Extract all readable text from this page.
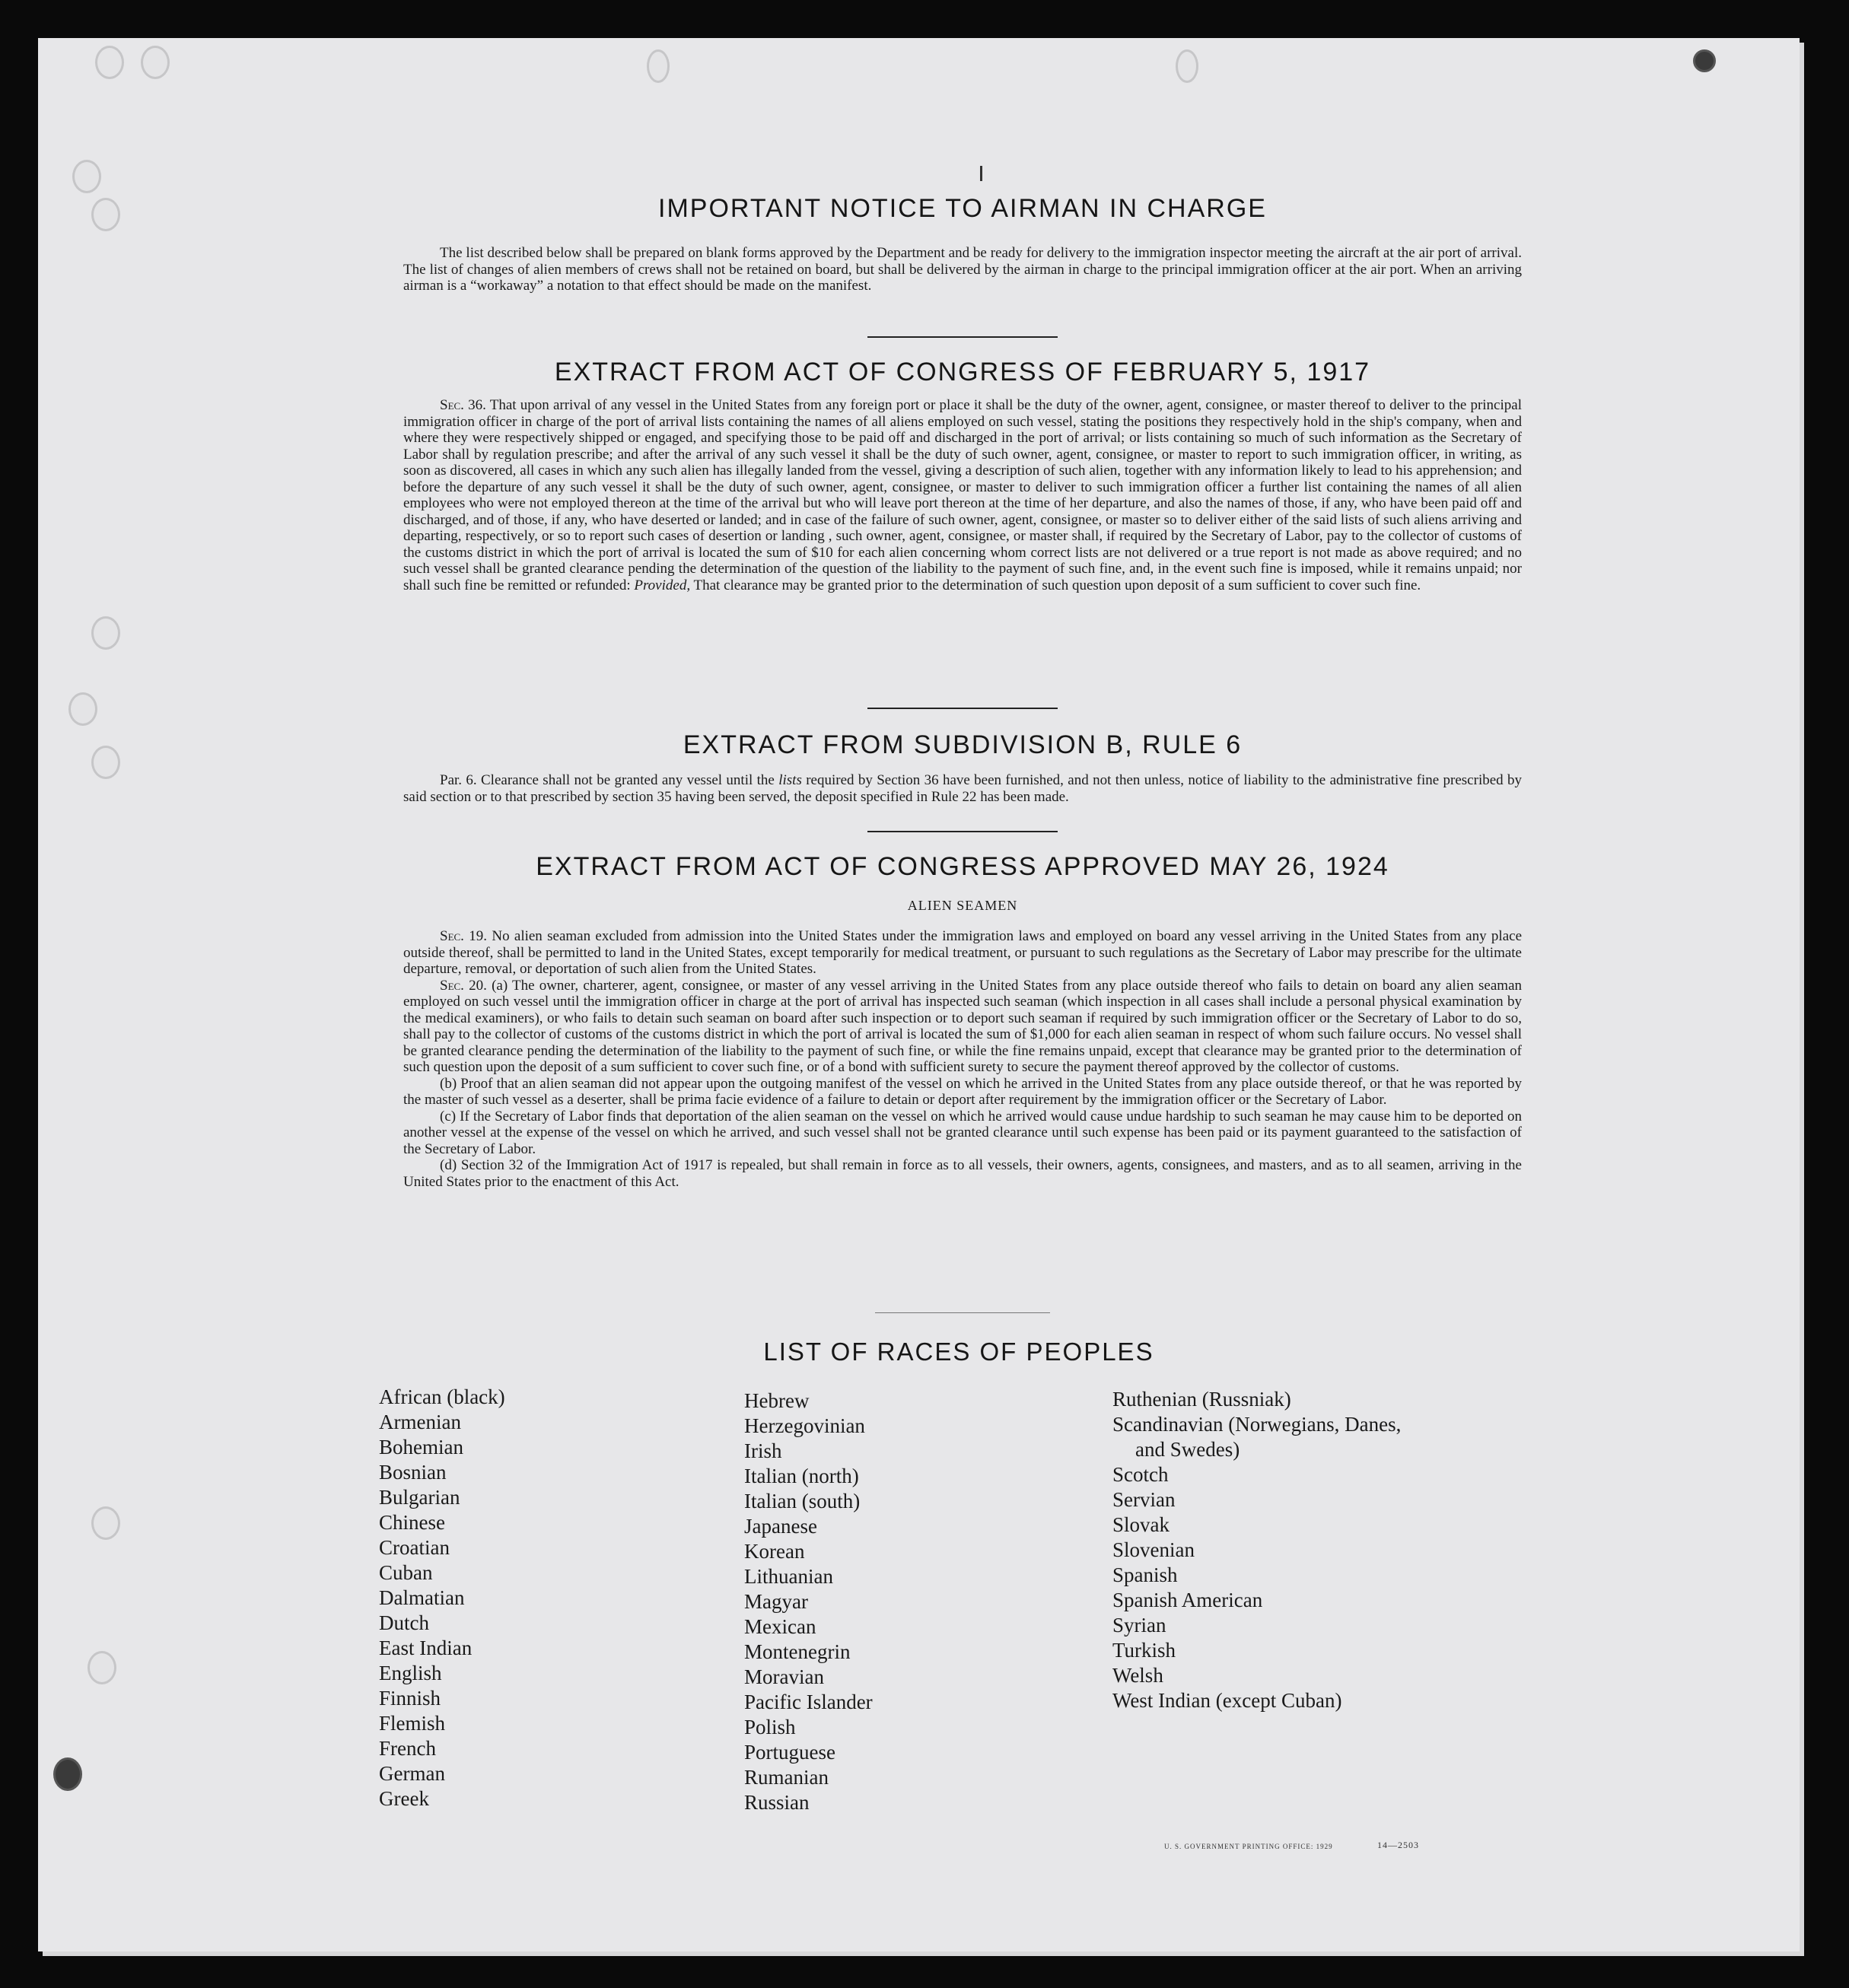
IMPORTANT NOTICE TO AIRMAN IN CHARGE

The list described below shall be prepared on blank forms approved by the Department and be ready for delivery to the immigration inspector meeting the aircraft at the air port of arrival. The list of changes of alien members of crews shall not be retained on board, but shall be delivered by the airman in charge to the principal immigration officer at the air port. When an arriving airman is a “workaway” a notation to that effect should be made on the manifest.

EXTRACT FROM ACT OF CONGRESS OF FEBRUARY 5, 1917

Sec. 36. That upon arrival of any vessel in the United States from any foreign port or place it shall be the duty of the owner, agent, consignee, or master thereof to deliver to the principal immigration officer in charge of the port of arrival lists containing the names of all aliens employed on such vessel, stating the positions they respectively hold in the ship's company, when and where they were respectively shipped or engaged, and specifying those to be paid off and discharged in the port of arrival; or lists containing so much of such information as the Secretary of Labor shall by regulation prescribe; and after the arrival of any such vessel it shall be the duty of such owner, agent, consignee, or master to report to such immigration officer, in writing, as soon as discovered, all cases in which any such alien has illegally landed from the vessel, giving a description of such alien, together with any information likely to lead to his apprehension; and before the departure of any such vessel it shall be the duty of such owner, agent, consignee, or master to deliver to such immigration officer a further list containing the names of all alien employees who were not employed thereon at the time of the arrival but who will leave port thereon at the time of her departure, and also the names of those, if any, who have been paid off and discharged, and of those, if any, who have deserted or landed; and in case of the failure of such owner, agent, consignee, or master so to deliver either of the said lists of such aliens arriving and departing, respectively, or so to report such cases of desertion or landing , such owner, agent, consignee, or master shall, if required by the Secretary of Labor, pay to the collector of customs of the customs district in which the port of arrival is located the sum of $10 for each alien concerning whom correct lists are not delivered or a true report is not made as above required; and no such vessel shall be granted clearance pending the determination of the question of the liability to the payment of such fine, and, in the event such fine is imposed, while it remains unpaid; nor shall such fine be remitted or refunded: Provided, That clearance may be granted prior to the determination of such question upon deposit of a sum sufficient to cover such fine.

EXTRACT FROM SUBDIVISION B, RULE 6

Par. 6. Clearance shall not be granted any vessel until the lists required by Section 36 have been furnished, and not then unless, notice of liability to the administrative fine prescribed by said section or to that prescribed by section 35 having been served, the deposit specified in Rule 22 has been made.

EXTRACT FROM ACT OF CONGRESS APPROVED MAY 26, 1924
ALIEN SEAMEN

Sec. 19. No alien seaman excluded from admission into the United States under the immigration laws and employed on board any vessel arriving in the United States from any place outside thereof, shall be permitted to land in the United States, except temporarily for medical treatment, or pursuant to such regulations as the Secretary of Labor may prescribe for the ultimate departure, removal, or deportation of such alien from the United States.

Sec. 20. (a) The owner, charterer, agent, consignee, or master of any vessel arriving in the United States from any place outside thereof who fails to detain on board any alien seaman employed on such vessel until the immigration officer in charge at the port of arrival has inspected such seaman (which inspection in all cases shall include a personal physical examination by the medical examiners), or who fails to detain such seaman on board after such inspection or to deport such seaman if required by such immigration officer or the Secretary of Labor to do so, shall pay to the collector of customs of the customs district in which the port of arrival is located the sum of $1,000 for each alien seaman in respect of whom such failure occurs. No vessel shall be granted clearance pending the determination of the liability to the payment of such fine, or while the fine remains unpaid, except that clearance may be granted prior to the determination of such question upon the deposit of a sum sufficient to cover such fine, or of a bond with sufficient surety to secure the payment thereof approved by the collector of customs.

(b) Proof that an alien seaman did not appear upon the outgoing manifest of the vessel on which he arrived in the United States from any place outside thereof, or that he was reported by the master of such vessel as a deserter, shall be prima facie evidence of a failure to detain or deport after requirement by the immigration officer or the Secretary of Labor.

(c) If the Secretary of Labor finds that deportation of the alien seaman on the vessel on which he arrived would cause undue hardship to such seaman he may cause him to be deported on another vessel at the expense of the vessel on which he arrived, and such vessel shall not be granted clearance until such expense has been paid or its payment guaranteed to the satisfaction of the Secretary of Labor.

(d) Section 32 of the Immigration Act of 1917 is repealed, but shall remain in force as to all vessels, their owners, agents, consignees, and masters, and as to all seamen, arriving in the United States prior to the enactment of this Act.

LIST OF RACES OF PEOPLES
African (black)
Armenian
Bohemian
Bosnian
Bulgarian
Chinese
Croatian
Cuban
Dalmatian
Dutch
East Indian
English
Finnish
Flemish
French
German
Greek
Hebrew
Herzegovinian
Irish
Italian (north)
Italian (south)
Japanese
Korean
Lithuanian
Magyar
Mexican
Montenegrin
Moravian
Pacific Islander
Polish
Portuguese
Rumanian
Russian
Ruthenian (Russniak)
Scandinavian (Norwegians, Danes,
and Swedes)
Scotch
Servian
Slovak
Slovenian
Spanish
Spanish American
Syrian
Turkish
Welsh
West Indian (except Cuban)
U. S. GOVERNMENT PRINTING OFFICE: 1929	14—2503
